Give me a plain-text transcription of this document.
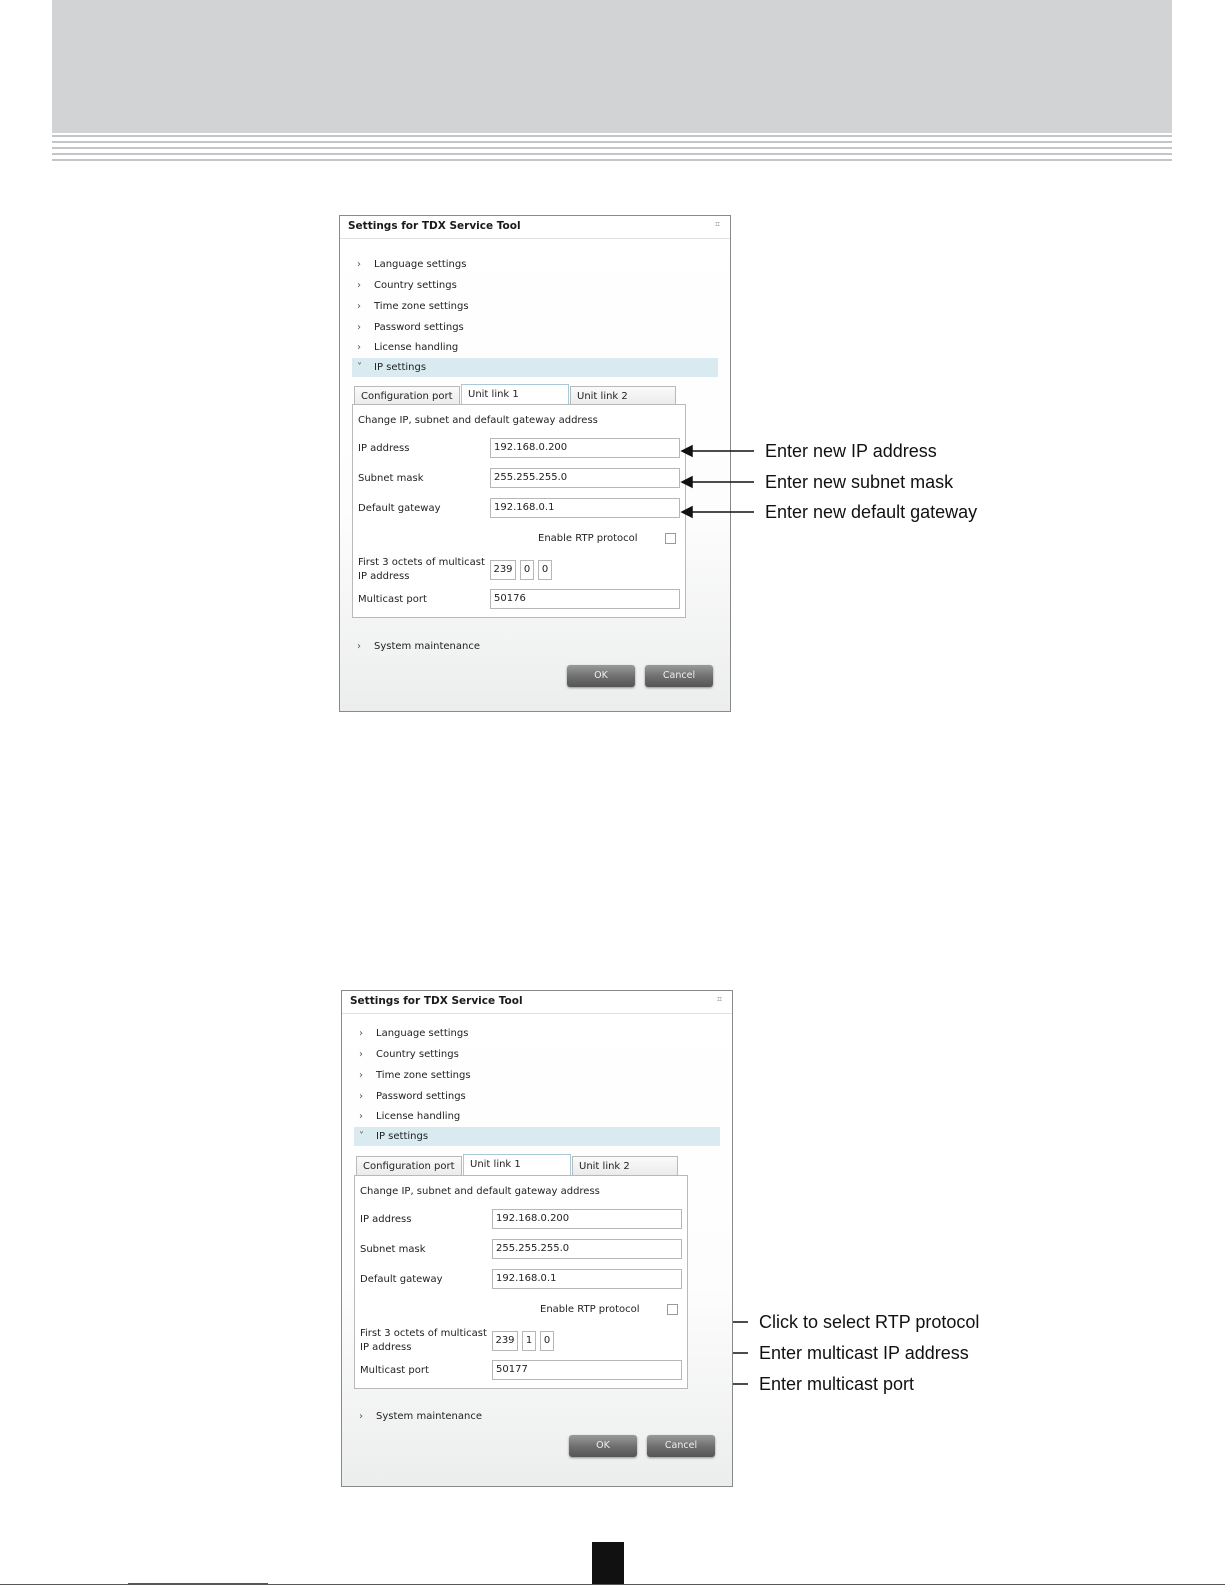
Settings for TDX Service Tool	⌗
› Language settings
› Country settings
› Time zone settings
› Password settings
› License handling
˅ IP settings
Configuration port	Unit link 1	Unit link 2
Change IP, subnet and default gateway address
IP address	192.168.0.200
Subnet mask	255.255.255.0
Default gateway	192.168.0.1
Enable RTP protocol
First 3 octets of multicast
IP address
239	0	0
Multicast port	50176
› System maintenance
OK	Cancel
Enter new IP address
Enter new subnet mask
Enter new default gateway
Settings for TDX Service Tool	⌗
› Language settings
› Country settings
› Time zone settings
› Password settings
› License handling
˅ IP settings
Configuration port	Unit link 1	Unit link 2
Change IP, subnet and default gateway address
IP address	192.168.0.200
Subnet mask	255.255.255.0
Default gateway	192.168.0.1
Enable RTP protocol
First 3 octets of multicast
IP address
239	1	0
Multicast port	50177
› System maintenance
OK	Cancel
Click to select RTP protocol
Enter multicast IP address
Enter multicast port
